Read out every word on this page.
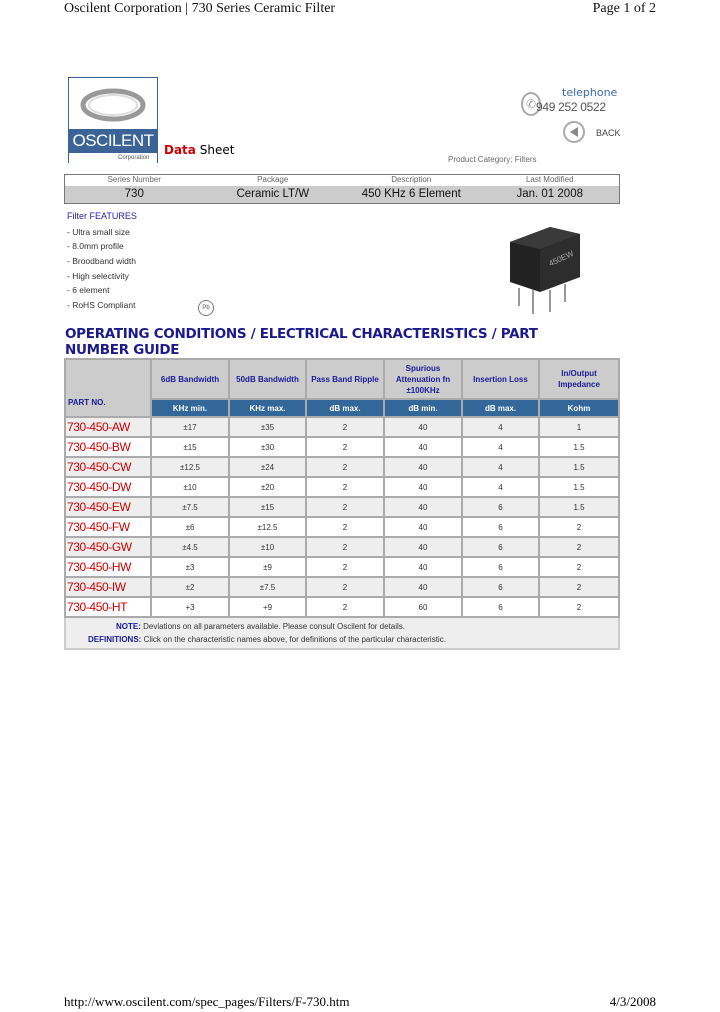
Oscilent Corporation | 730 Series Ceramic Filter	Page 1 of 2
OSCILENT
Corporation
Data Sheet
✆
telephone
949 252 0522
BACK
Product Category: Filters
Series Number
730
Package
Ceramic LT/W
Description
450 KHz 6 Element
Last Modified
Jan. 01 2008
Filter FEATURES
- Ultra small size
- 8.0mm profile
- Broodband width
- High selectivity
- 6 element
- RoHS Compliant	Pb
450EW
OPERATING CONDITIONS / ELECTRICAL CHARACTERISTICS / PART NUMBER GUIDE
PART NO.	6dB Bandwidth	50dB Bandwidth	Pass Band Ripple	Spurious Attenuation fn ±100KHz	Insertion Loss	In/Output Impedance
	KHz min.	KHz max.	dB max.	dB min.	dB max.	Kohm
730-450-AW	±17	±35	2	40	4	1
730-450-BW	±15	±30	2	40	4	1.5
730-450-CW	±12.5	±24	2	40	4	1.5
730-450-DW	±10	±20	2	40	4	1.5
730-450-EW	±7.5	±15	2	40	6	1.5
730-450-FW	±6	±12.5	2	40	6	2
730-450-GW	±4.5	±10	2	40	6	2
730-450-HW	±3	±9	2	40	6	2
730-450-IW	±2	±7.5	2	40	6	2
730-450-HT	+3	+9	2	60	6	2

NOTE: Deviations on all parameters available. Please consult Oscilent for details.
DEFINITIONS: Click on the characteristic names above, for definitions of the particular characteristic.						
http://www.oscilent.com/spec_pages/Filters/F-730.htm	4/3/2008
